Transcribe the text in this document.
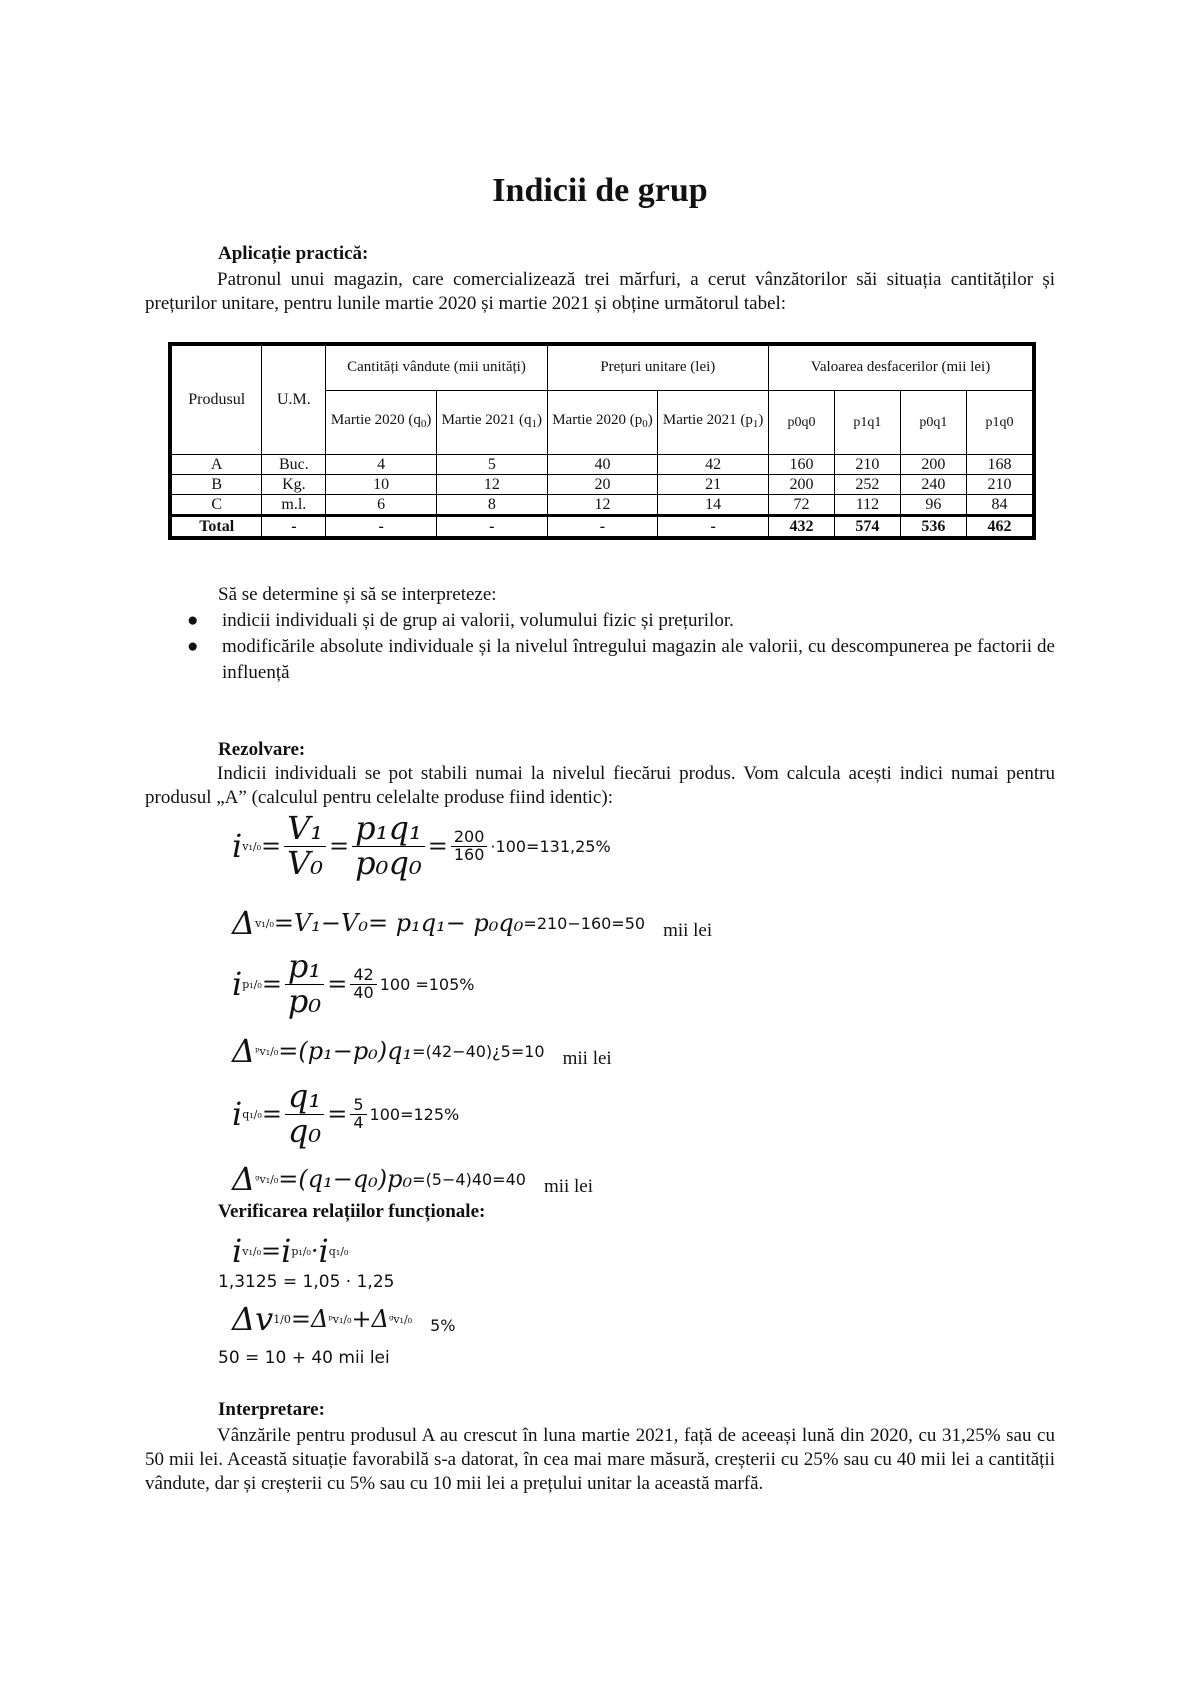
Indicii de grup
Aplicație practică:
Patronul unui magazin, care comercializează trei mărfuri, a cerut vânzătorilor săi situația cantităților și prețurilor unitare, pentru lunile martie 2020 și martie 2021 și obține următorul tabel:
Produsul	U.M.	Cantități vândute (mii unități)		Prețuri unitare (lei)		Valoarea desfacerilor (mii lei)			
		Martie 2020 $(q_0)$	Martie 2021 $(q_1)$	Martie 2020 $(p_0)$	Martie 2021 $(p_1)$	p0q0	p1q1	p0q1	p1q0
A	Buc.	4	5	40	42	160	210	200	168
B	Kg.	10	12	20	21	200	252	240	210
C	m.l.	6	8	12	14	72	112	96	84
Total	-	-	-	-	-	432	574	536	462
Să se determine și să se interpreteze:
● indicii individuali și de grup ai valorii, volumului fizic și prețurilor.
● modificările absolute individuale și la nivelul întregului magazin ale valorii, cu descompunerea pe factorii de influență
Rezolvare:
Indicii individuali se pot stabili numai la nivelul fiecărui produs. Vom calcula acești indici numai pentru produsul „A” (calculul pentru celelalte produse fiind identic):
i $v_1/_0 = \frac{\text{V₁}}{\text{V₀}} = \frac{\text{p₁q₁}}{\text{p₀q₀}} = \frac{200}{160} \cdot 100 =131,25\%$
Δ v₁/₀ =V₁−V₀= p₁q₁− p₀q₀ =210−160=50 mii lei
i $p_1/_0 = \frac{\text{p₁}}{\text{p₀}} = \frac{42}{40} 100 =105\%$
Δ ᵖv₁/₀ =(p₁−p₀)q₁ =(42−40)¿5=10 mii lei
i $q_1/_0 = \frac{\text{q₁}}{\text{q₀}} = \frac{5}{4} 100=125\%$
Δ ᵍv₁/₀ =(q₁−q₀)p₀ =(5−4)40=40 mii lei
Verificarea relațiilor funcționale:
i v₁/₀ = i p₁/₀ · i q₁/₀
1,3125 = 1,05 · 1,25
Δv 1/0 =Δ ᵖv₁/₀ +Δ ᵍv₁/₀ 5%
50 = 10 + 40 mii lei
Interpretare:
Vânzările pentru produsul A au crescut în luna martie 2021, față de aceeași lună din 2020, cu 31,25% sau cu 50 mii lei. Această situație favorabilă s-a datorat, în cea mai mare măsură, creșterii cu 25% sau cu 40 mii lei a cantității vândute, dar și creșterii cu 5% sau cu 10 mii lei a prețului unitar la această marfă.
